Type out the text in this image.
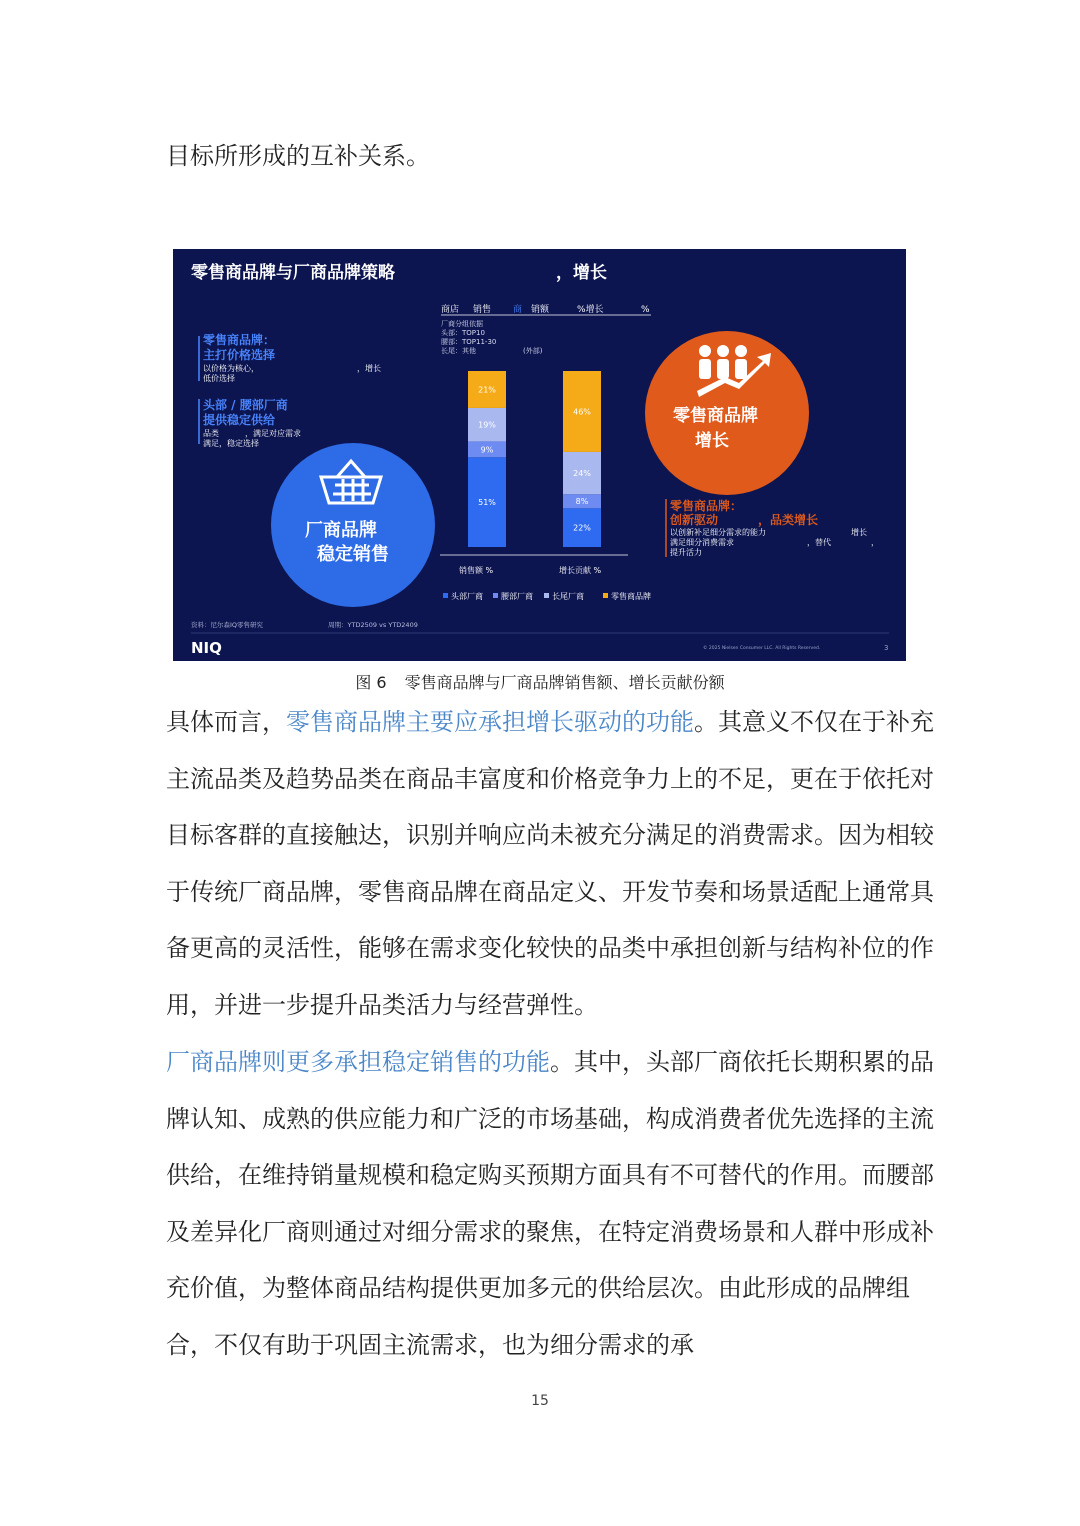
目标所形成的互补关系。

零售商品牌与厂商品牌策略	，增长
商店 销售 商 销额	%增长	%
厂商分组依据
头部：TOP10
腰部：TOP11-30
长尾：其他	(外部)
零售商品牌：
主打价格选择
以价格为核心，
低价选择
，增长
头部 / 腰部厂商
提供稳定供给
品类	，满足对应需求
满足，稳定选择
厂商品牌
稳定销售
51%
9%
19%
21%
22%
8%
24%
46%
销售额 %	增长贡献 %
头部厂商 腰部厂商 长尾厂商	零售商品牌
零售商品牌
增长
零售商品牌：
创新驱动	，品类增长
以创新补足细分需求的能力
满足细分消费需求
提升活力
增长
，替代	，
资料：尼尔森IQ零售研究	周期：YTD2509 vs YTD2409
NIQ	© 2025 Nielsen Consumer LLC. All Rights Reserved.	3
图 6 零售商品牌与厂商品牌销售额、增长贡献份额

具体而言，零售商品牌主要应承担增长驱动的功能。其意义不仅在于补充主流品类及趋势品类在商品丰富度和价格竞争力上的不足，更在于依托对目标客群的直接触达，识别并响应尚未被充分满足的消费需求。因为相较于传统厂商品牌，零售商品牌在商品定义、开发节奏和场景适配上通常具备更高的灵活性，能够在需求变化较快的品类中承担创新与结构补位的作用，并进一步提升品类活力与经营弹性。

厂商品牌则更多承担稳定销售的功能。其中，头部厂商依托长期积累的品牌认知、成熟的供应能力和广泛的市场基础，构成消费者优先选择的主流供给，在维持销量规模和稳定购买预期方面具有不可替代的作用。而腰部及差异化厂商则通过对细分需求的聚焦，在特定消费场景和人群中形成补充价值，为整体商品结构提供更加多元的供给层次。由此形成的品牌组合，不仅有助于巩固主流需求，也为细分需求的承

15
